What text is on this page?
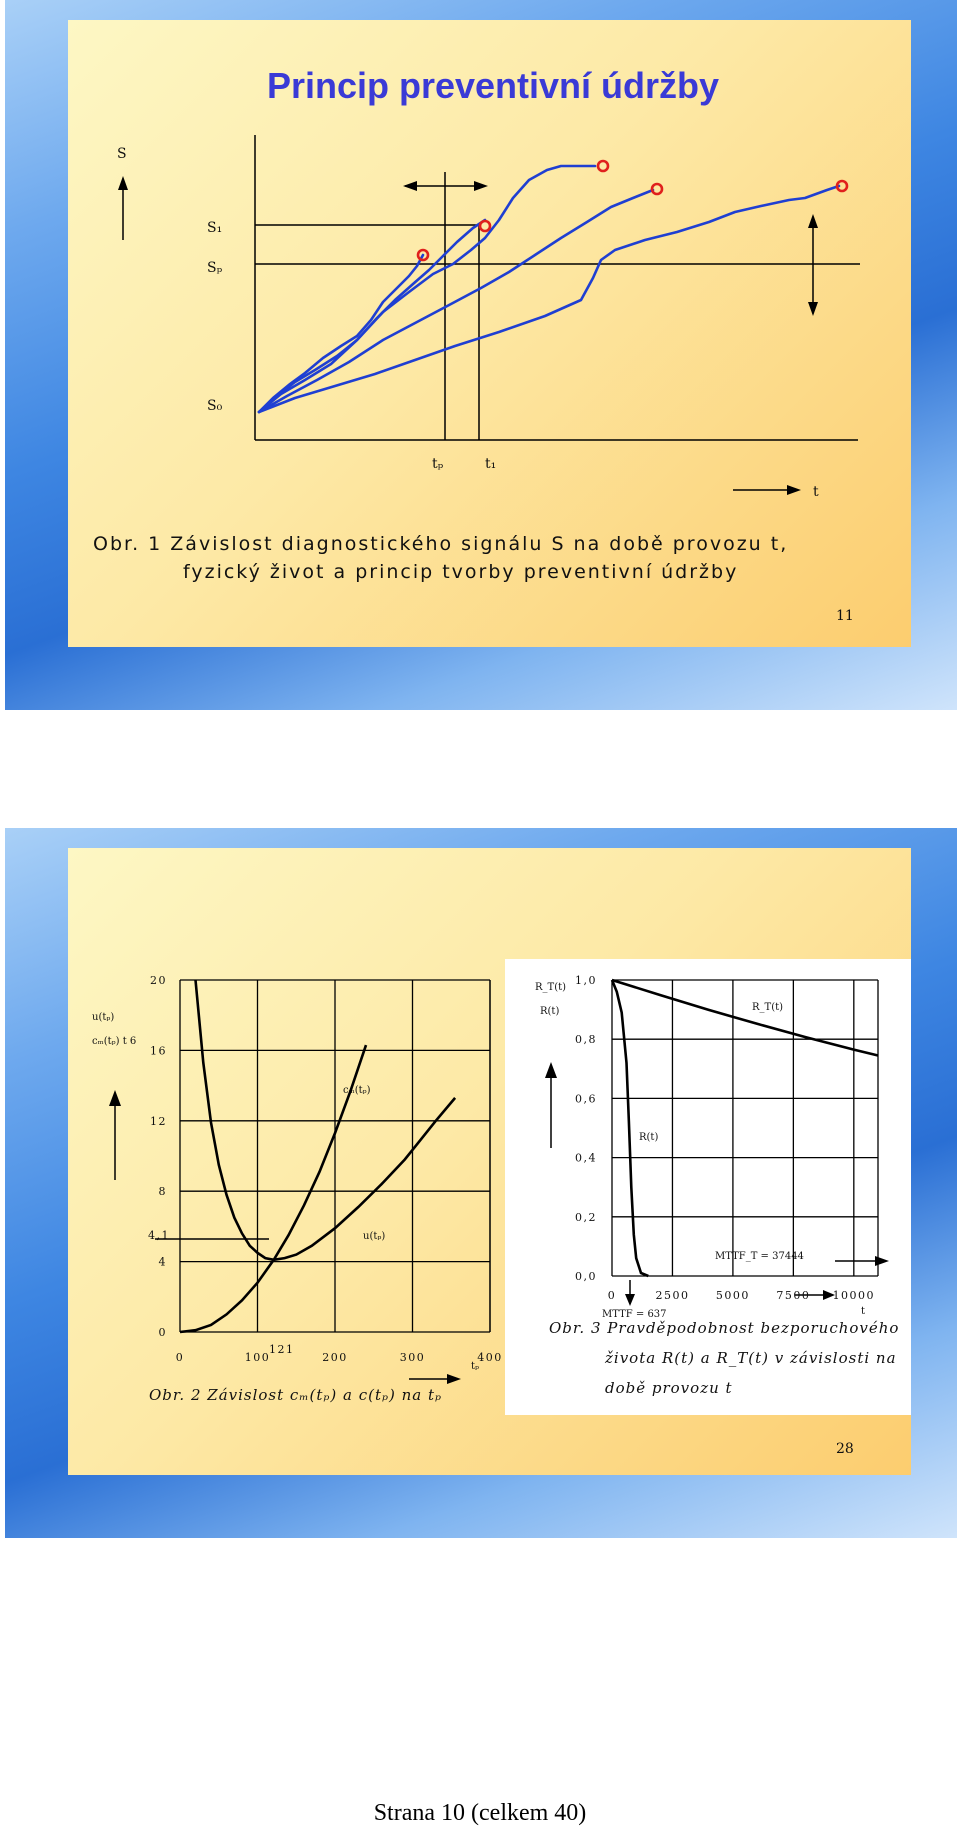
Princip preventivní údržby
S
S₁
Sₚ
S₀
tₚ	t₁
t
Obr. 1 Závislost diagnostického signálu S na době provozu t,
fyzický život a princip tvorby preventivní údržby
11
u(tₚ)
cₘ(tₚ) t 6
tₚ
121
4,1
Obr. 2 Závislost cₘ(tₚ) a c(tₚ) na tₚ
20
16
12
8
4
0
0	100	200	300	400
cₘ(tₚ)
u(tₚ)
R_T(t)
R(t)
MTTF_T = 37444
MTTF = 637	t
Obr. 3 Pravděpodobnost bezporuchového
života R(t) a R_T(t) v závislosti na
době provozu t
1,0
0,8
0,6
0,4
0,2
0,0
0	2500 5000 7500 10000
R_T(t)
R(t)
28
Strana 10 (celkem 40)
